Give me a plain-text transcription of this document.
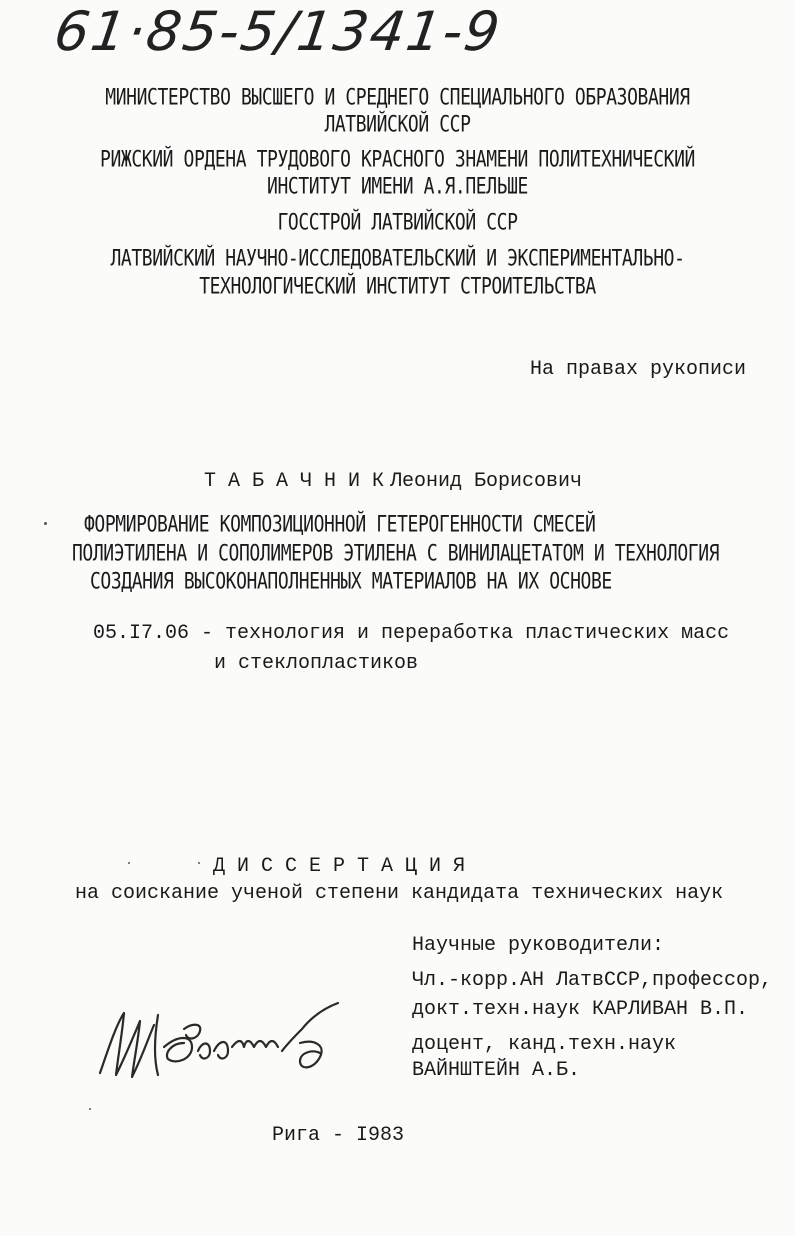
61·85-5/1341-9
МИНИСТЕРСТВО ВЫСШЕГО И СРЕДНЕГО СПЕЦИАЛЬНОГО ОБРАЗОВАНИЯ
ЛАТВИЙСКОЙ ССР
РИЖСКИЙ ОРДЕНА ТРУДОВОГО КРАСНОГО ЗНАМЕНИ ПОЛИТЕХНИЧЕСКИЙ
ИНСТИТУТ ИМЕНИ А.Я.ПЕЛЬШЕ
ГОССТРОЙ ЛАТВИЙСКОЙ ССР
ЛАТВИЙСКИЙ НАУЧНО-ИССЛЕДОВАТЕЛЬСКИЙ И ЭКСПЕРИМЕНТАЛЬНО-
ТЕХНОЛОГИЧЕСКИЙ ИНСТИТУТ СТРОИТЕЛЬСТВА
На правах рукописи
Т А Б А Ч Н И К Леонид Борисович
ФОРМИРОВАНИЕ КОМПОЗИЦИОННОЙ ГЕТЕРОГЕННОСТИ СМЕСЕЙ
ПОЛИЭТИЛЕНА И СОПОЛИМЕРОВ ЭТИЛЕНА С ВИНИЛАЦЕТАТОМ И ТЕХНОЛОГИЯ
СОЗДАНИЯ ВЫСОКОНАПОЛНЕННЫХ МАТЕРИАЛОВ НА ИХ ОСНОВЕ
05.I7.06 - технология и переработка пластических масс
и стеклопластиков
Д И С С Е Р Т А Ц И Я
на соискание ученой степени кандидата технических наук
Научные руководители:
Чл.-корр.АН ЛатвССР,профессор,
докт.техн.наук КАРЛИВАН В.П.
доцент, канд.техн.наук
ВАЙНШТЕЙН А.Б.
Рига - I983
